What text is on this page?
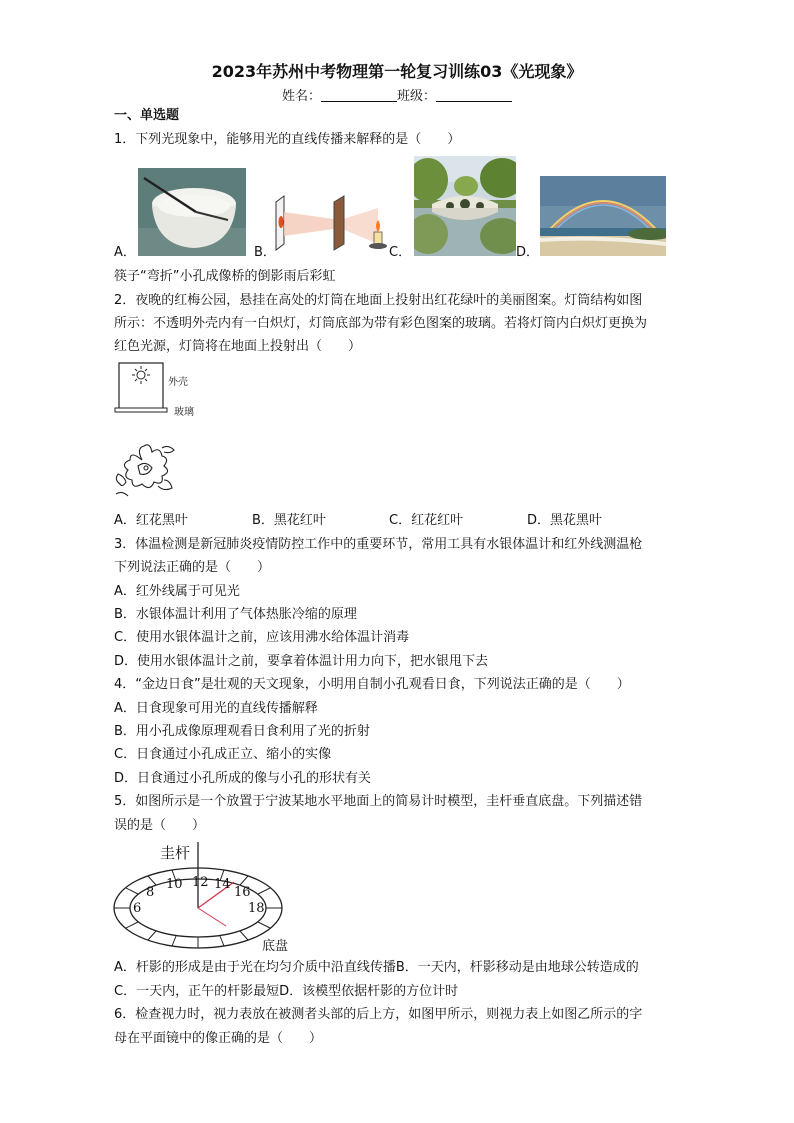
2023年苏州中考物理第一轮复习训练03《光现象》
姓名：	班级：
一、单选题
1．下列光现象中，能够用光的直线传播来解释的是（　　）
A．	B．	C．	D．
筷子“弯折”小孔成像桥的倒影雨后彩虹
2．夜晚的红梅公园，悬挂在高处的灯筒在地面上投射出红花绿叶的美丽图案。灯筒结构如图
所示：不透明外壳内有一白炽灯，灯筒底部为带有彩色图案的玻璃。若将灯筒内白炽灯更换为
红色光源，灯筒将在地面上投射出（　　）
外壳
玻璃
A．红花黑叶	B．黑花红叶	C．红花红叶	D．黑花黑叶
3．体温检测是新冠肺炎疫情防控工作中的重要环节，常用工具有水银体温计和红外线测温枪
下列说法正确的是（　　）
A．红外线属于可见光
B．水银体温计利用了气体热胀冷缩的原理
C．使用水银体温计之前，应该用沸水给体温计消毒
D．使用水银体温计之前，要拿着体温计用力向下，把水银甩下去
4．“金边日食”是壮观的天文现象，小明用自制小孔观看日食，下列说法正确的是（　　）
A．日食现象可用光的直线传播解释
B．用小孔成像原理观看日食利用了光的折射
C．日食通过小孔成正立、缩小的实像
D．日食通过小孔所成的像与小孔的形状有关
5．如图所示是一个放置于宁波某地水平地面上的简易计时模型，圭杆垂直底盘。下列描述错
误的是（　　）
圭杆
6
8
10 12 14
16
18
底盘
A．杆影的形成是由于光在均匀介质中沿直线传播B．一天内，杆影移动是由地球公转造成的
C．一天内，正午的杆影最短D．该模型依据杆影的方位计时
6．检查视力时，视力表放在被测者头部的后上方，如图甲所示，则视力表上如图乙所示的字
母在平面镜中的像正确的是（　　）
